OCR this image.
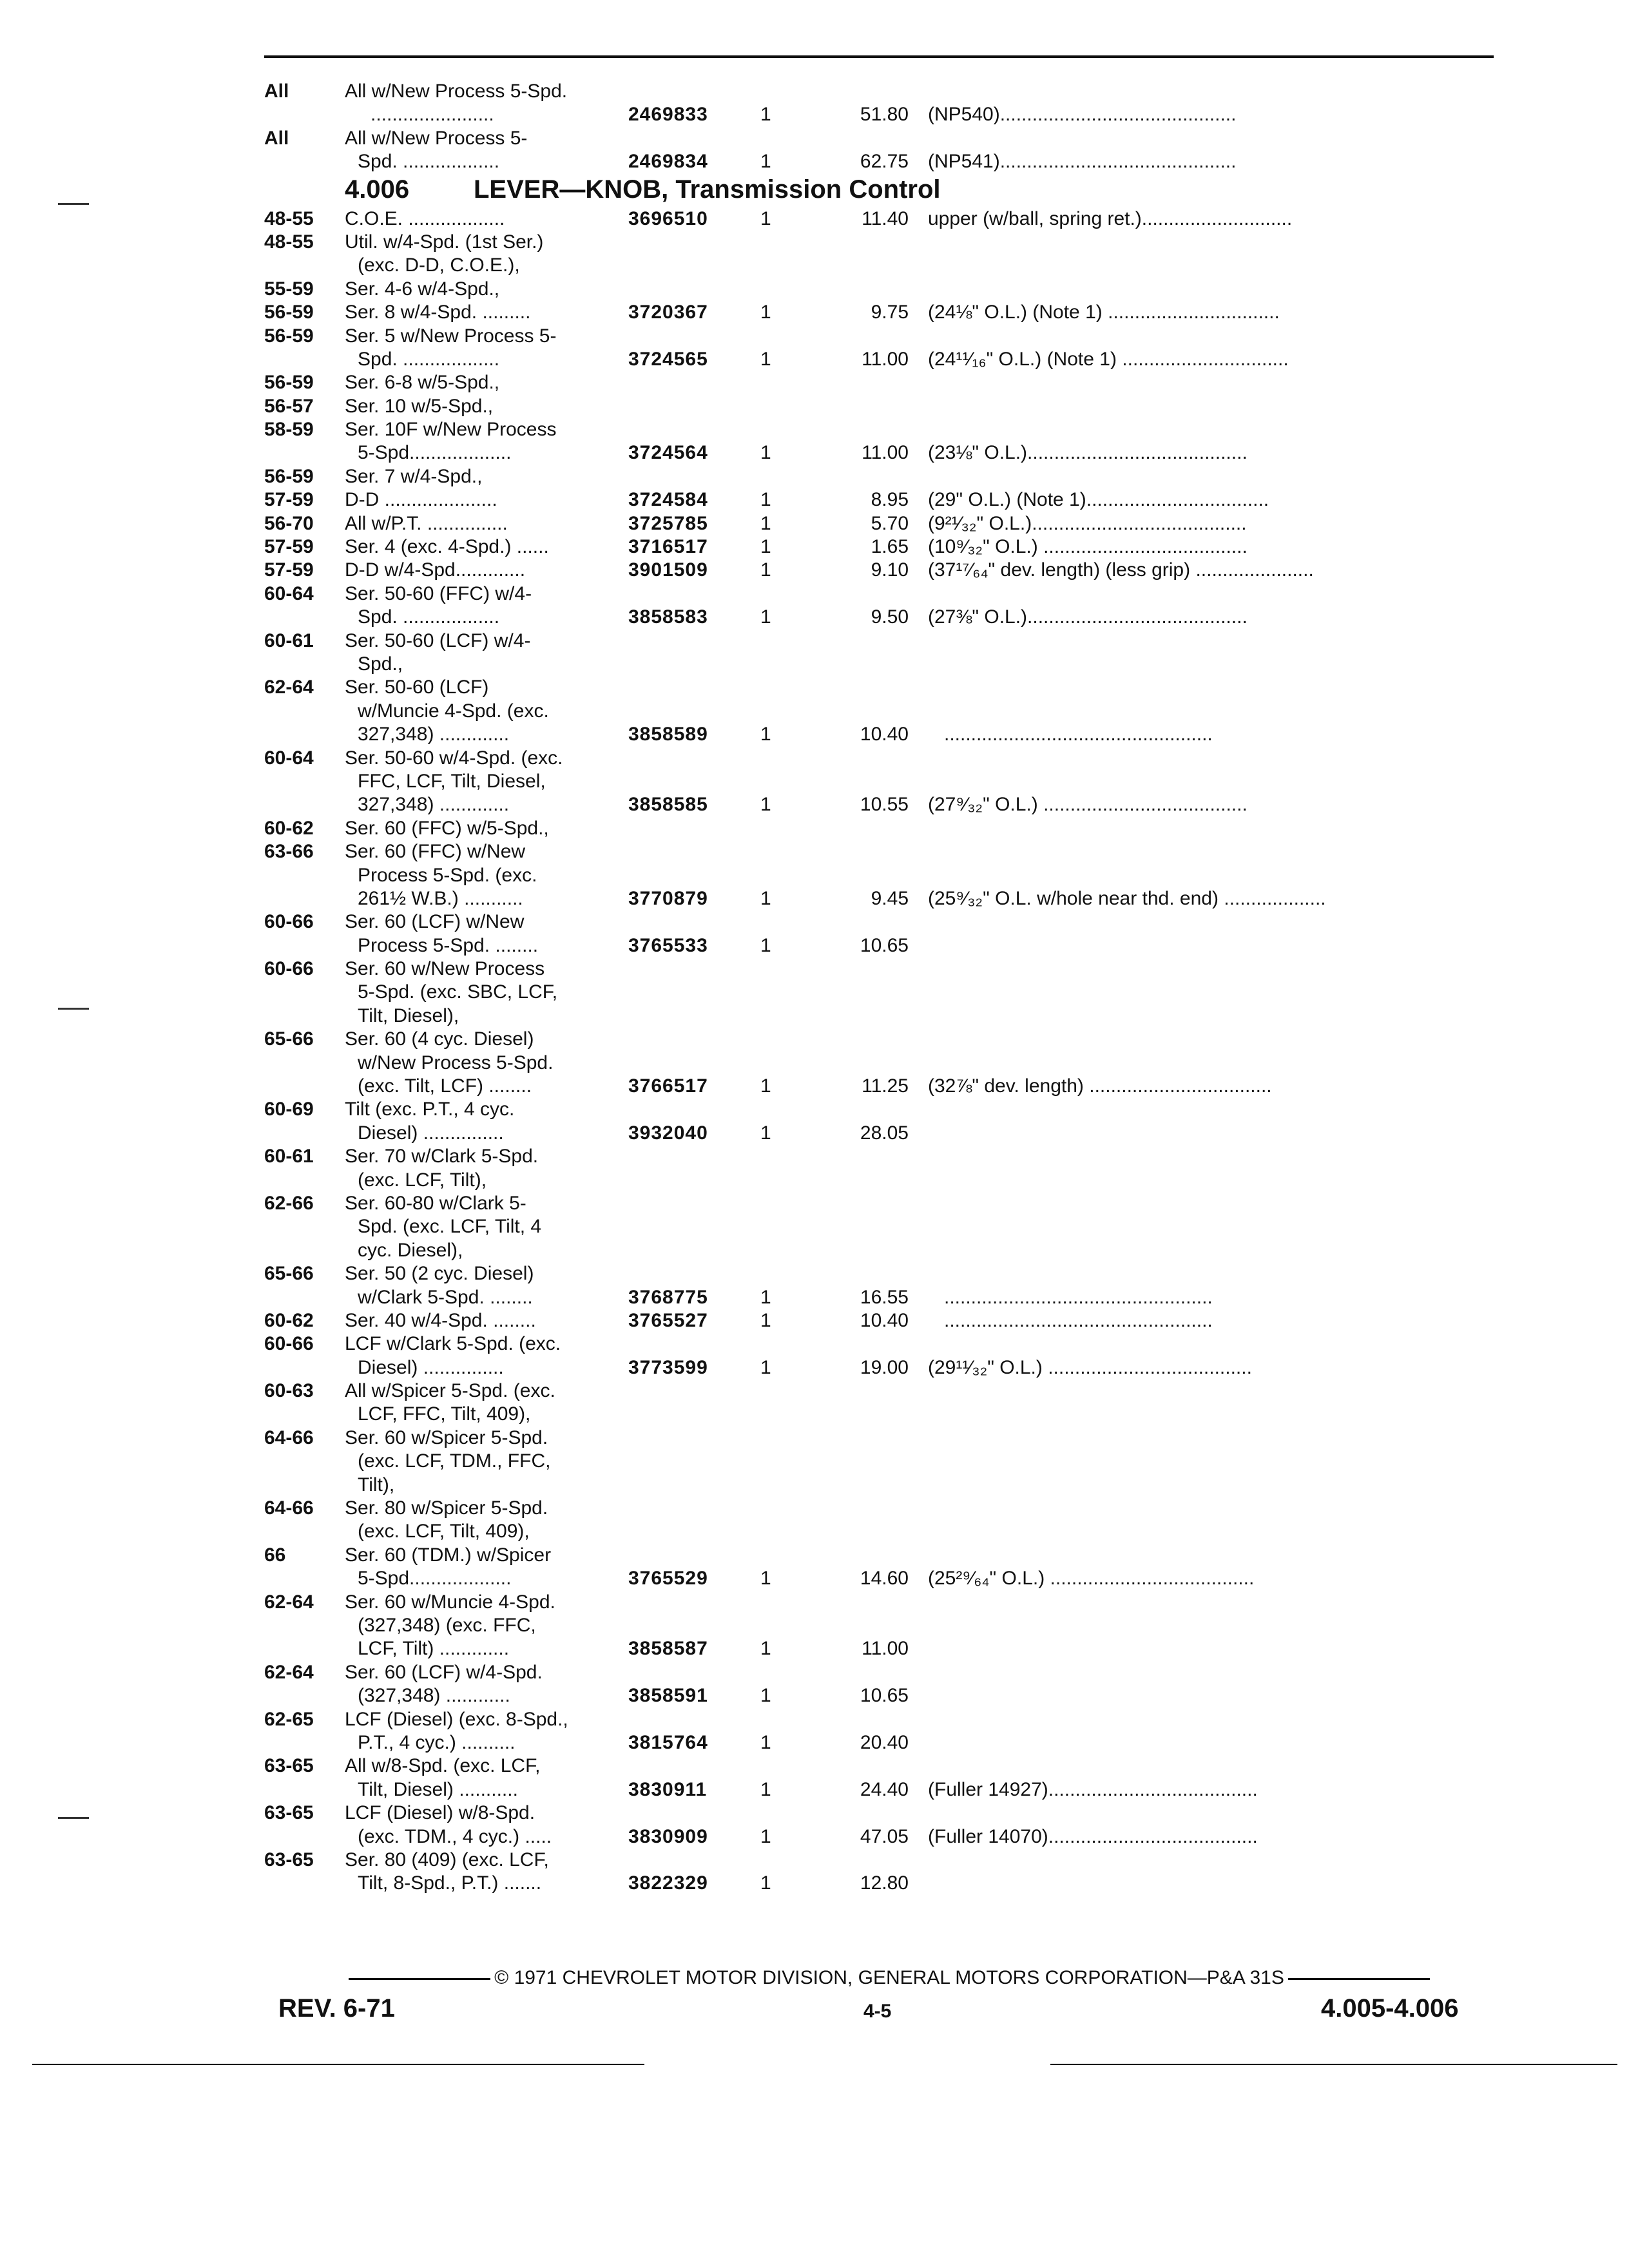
All	All w/New Process 5-Spd.
.......................	2469833	1	51.80 (NP540)............................................
All	All w/New Process 5-
Spd. ..................	2469834	1	62.75 (NP541)............................................
4.006 LEVER—KNOB, Transmission Control
48-55 C.O.E. ..................	3696510	1	11.40 upper (w/ball, spring ret.)............................
48-55 Util. w/4-Spd. (1st Ser.)
(exc. D-D, C.O.E.),
55-59 Ser. 4-6 w/4-Spd.,
56-59 Ser. 8 w/4-Spd. .........	3720367	1	9.75 (24⅛" O.L.) (Note 1) ................................
56-59 Ser. 5 w/New Process 5-
Spd. ..................	3724565	1	11.00 (24¹¹⁄₁₆" O.L.) (Note 1) ...............................
56-59 Ser. 6-8 w/5-Spd.,
56-57 Ser. 10 w/5-Spd.,
58-59 Ser. 10F w/New Process
5-Spd...................	3724564	1	11.00 (23⅛" O.L.).........................................
56-59 Ser. 7 w/4-Spd.,
57-59 D-D .....................	3724584	1	8.95 (29" O.L.) (Note 1)..................................
56-70 All w/P.T. ...............	3725785	1	5.70 (9²¹⁄₃₂" O.L.)........................................
57-59 Ser. 4 (exc. 4-Spd.) ......	3716517	1	1.65 (10⁹⁄₃₂" O.L.) ......................................
57-59 D-D w/4-Spd.............	3901509	1	9.10 (37¹⁷⁄₆₄" dev. length) (less grip) ......................
60-64 Ser. 50-60 (FFC) w/4-
Spd. ..................	3858583	1	9.50 (27⅜" O.L.).........................................
60-61 Ser. 50-60 (LCF) w/4-
Spd.,
62-64 Ser. 50-60 (LCF)
w/Muncie 4-Spd. (exc.
327,348) .............	3858589	1	10.40 ..................................................
60-64 Ser. 50-60 w/4-Spd. (exc.
FFC, LCF, Tilt, Diesel,
327,348) .............	3858585	1	10.55 (27⁹⁄₃₂" O.L.) ......................................
60-62 Ser. 60 (FFC) w/5-Spd.,
63-66 Ser. 60 (FFC) w/New
Process 5-Spd. (exc.
261½ W.B.) ...........	3770879	1	9.45 (25⁹⁄₃₂" O.L. w/hole near thd. end) ...................
60-66 Ser. 60 (LCF) w/New
Process 5-Spd. ........	3765533	1	10.65
60-66 Ser. 60 w/New Process
5-Spd. (exc. SBC, LCF,
Tilt, Diesel),
65-66 Ser. 60 (4 cyc. Diesel)
w/New Process 5-Spd.
(exc. Tilt, LCF) ........	3766517	1	11.25 (32⅞" dev. length) ..................................
60-69 Tilt (exc. P.T., 4 cyc.
Diesel) ...............	3932040	1	28.05
60-61 Ser. 70 w/Clark 5-Spd.
(exc. LCF, Tilt),
62-66 Ser. 60-80 w/Clark 5-
Spd. (exc. LCF, Tilt, 4
cyc. Diesel),
65-66 Ser. 50 (2 cyc. Diesel)
w/Clark 5-Spd. ........	3768775	1	16.55 ..................................................
60-62 Ser. 40 w/4-Spd. ........	3765527	1	10.40 ..................................................
60-66 LCF w/Clark 5-Spd. (exc.
Diesel) ...............	3773599	1	19.00 (29¹¹⁄₃₂" O.L.) ......................................
60-63 All w/Spicer 5-Spd. (exc.
LCF, FFC, Tilt, 409),
64-66 Ser. 60 w/Spicer 5-Spd.
(exc. LCF, TDM., FFC,
Tilt),
64-66 Ser. 80 w/Spicer 5-Spd.
(exc. LCF, Tilt, 409),
66	Ser. 60 (TDM.) w/Spicer
5-Spd...................	3765529	1	14.60 (25²⁹⁄₆₄" O.L.) ......................................
62-64 Ser. 60 w/Muncie 4-Spd.
(327,348) (exc. FFC,
LCF, Tilt) .............	3858587	1	11.00
62-64 Ser. 60 (LCF) w/4-Spd.
(327,348) ............	3858591	1	10.65
62-65 LCF (Diesel) (exc. 8-Spd.,
P.T., 4 cyc.) ..........	3815764	1	20.40
63-65 All w/8-Spd. (exc. LCF,
Tilt, Diesel) ...........	3830911	1	24.40 (Fuller 14927).......................................
63-65 LCF (Diesel) w/8-Spd.
(exc. TDM., 4 cyc.) .....	3830909	1	47.05 (Fuller 14070).......................................
63-65 Ser. 80 (409) (exc. LCF,
Tilt, 8-Spd., P.T.) .......	3822329	1	12.80
© 1971 CHEVROLET MOTOR DIVISION, GENERAL MOTORS CORPORATION—P&A 31S
REV. 6-71	4-5	4.005-4.006
